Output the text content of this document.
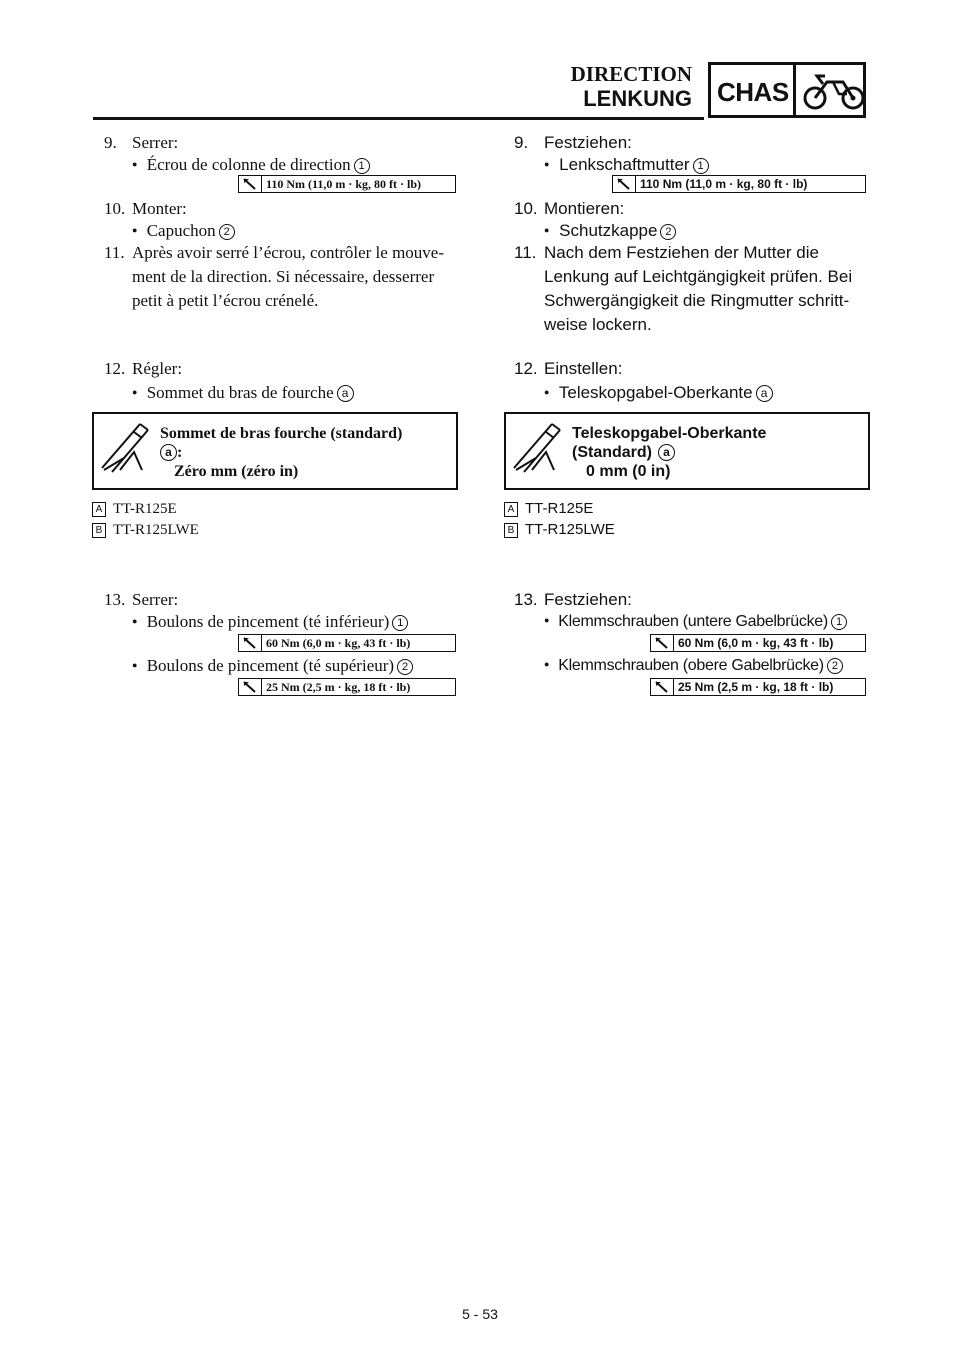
DIRECTION
LENKUNG CHAS
9. Serrer:
● Écrou de colonne de direction 1
110 Nm (11,0 m · kg, 80 ft · lb)
10. Monter:
● Capuchon 2
11. Après avoir serré l’écrou, contrôler le mouve-
ment de la direction. Si nécessaire, desserrer
petit à petit l’écrou crénelé.
12. Régler:
● Sommet du bras de fourche a
Sommet de bras fourche (standard)
a :
Zéro mm (zéro in)
A TT-R125E
B TT-R125LWE
13. Serrer:
● Boulons de pincement (té inférieur) 1
60 Nm (6,0 m · kg, 43 ft · lb)
● Boulons de pincement (té supérieur) 2
25 Nm (2,5 m · kg, 18 ft · lb)
9. Festziehen:
● Lenkschaftmutter 1
110 Nm (11,0 m · kg, 80 ft · lb)
10. Montieren:
● Schutzkappe 2
11. Nach dem Festziehen der Mutter die
Lenkung auf Leichtgängigkeit prüfen. Bei
Schwergängigkeit die Ringmutter schritt-
weise lockern.
12. Einstellen:
● Teleskopgabel-Oberkante a
Teleskopgabel-Oberkante
(Standard) a
0 mm (0 in)
A TT-R125E
B TT-R125LWE
13. Festziehen:
● Klemmschrauben (untere Gabelbrücke) 1
60 Nm (6,0 m · kg, 43 ft · lb)
● Klemmschrauben (obere Gabelbrücke) 2
25 Nm (2,5 m · kg, 18 ft · lb)
5 - 53
